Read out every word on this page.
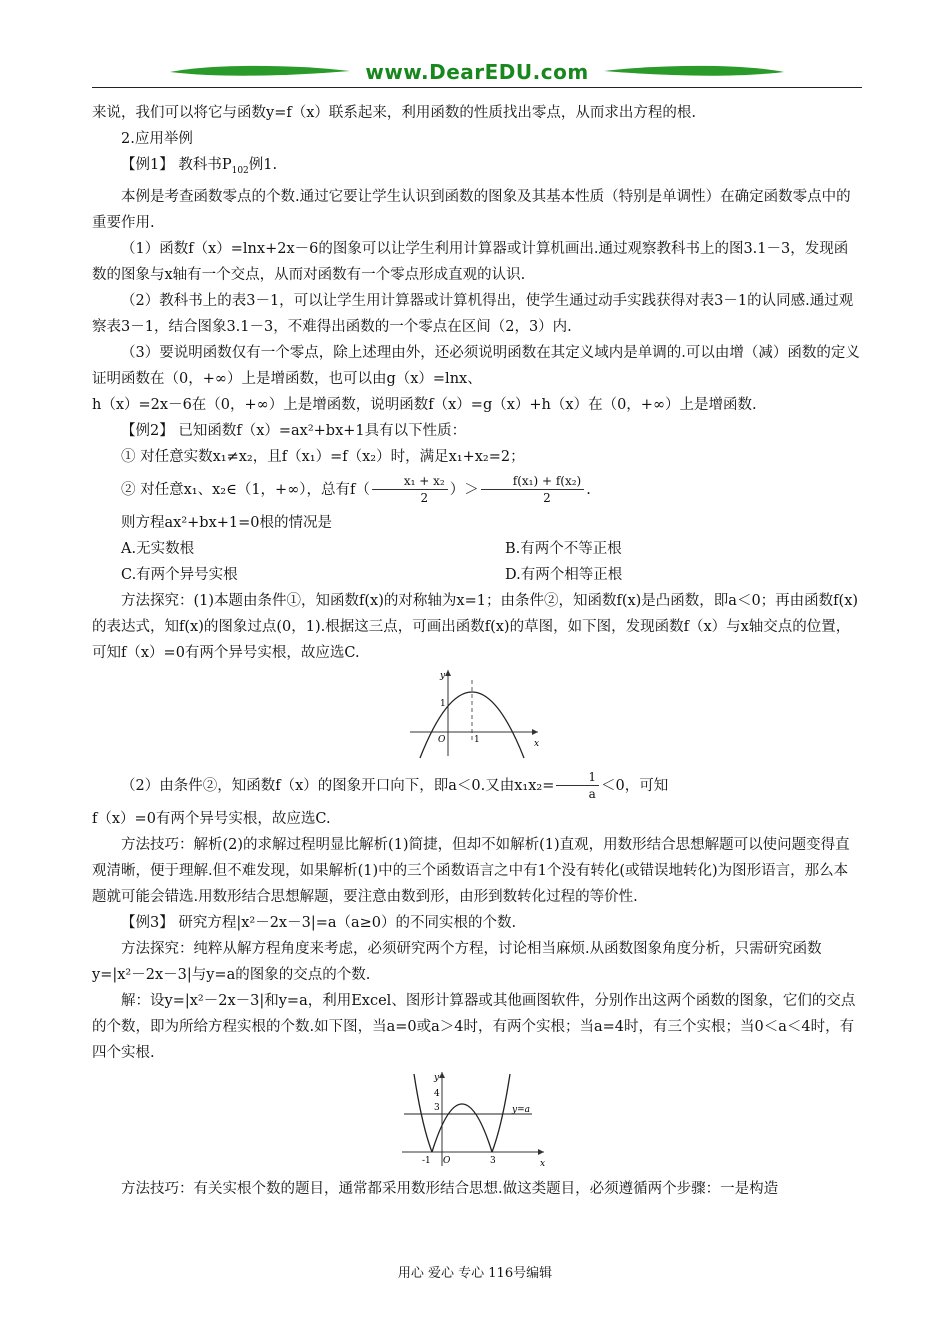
www.DearEDU.com

来说，我们可以将它与函数y=f（x）联系起来，利用函数的性质找出零点，从而求出方程的根.

2.应用举例

【例1】 教科书$P_{102}$例1.

本例是考查函数零点的个数.通过它要让学生认识到函数的图象及其基本性质（特别是单调性）在确定函数零点中的重要作用.

（1）函数f（x）=lnx+2x－6的图象可以让学生利用计算器或计算机画出.通过观察教科书上的图3.1－3，发现函数的图象与x轴有一个交点，从而对函数有一个零点形成直观的认识.

（2）教科书上的表3－1，可以让学生用计算器或计算机得出，使学生通过动手实践获得对表3－1的认同感.通过观察表3－1，结合图象3.1－3，不难得出函数的一个零点在区间（2，3）内.

（3）要说明函数仅有一个零点，除上述理由外，还必须说明函数在其定义域内是单调的.可以由增（减）函数的定义证明函数在（0，+∞）上是增函数，也可以由g（x）=lnx、

h（x）=2x－6在（0，+∞）上是增函数，说明函数f（x）=g（x）+h（x）在（0，+∞）上是增函数.

【例2】 已知函数f（x）=ax²+bx+1具有以下性质：

① 对任意实数x₁≠x₂，且f（x₁）=f（x₂）时，满足x₁+x₂=2；

② 对任意x₁、x₂∈（1，+∞），总有$f( \frac{\text{x₁ + x₂}}{2}$ ）＞ $\frac{\text{f(x₁) + f(x₂)}}{2}$ .

则方程ax²+bx+1=0根的情况是

A.无实数根	B.有两个不等正根
C.有两个异号实根	D.有两个相等正根

方法探究：(1)本题由条件①，知函数f(x)的对称轴为x=1；由条件②，知函数f(x)是凸函数，即a＜0；再由函数f(x)的表达式，知f(x)的图象过点(0，1).根据这三点，可画出函数f(x)的草图，如下图，发现函数f（x）与x轴交点的位置，可知f（x）=0有两个异号实根，故应选C.

y
x
O	1
1

（2）由条件②，知函数f（x）的图象开口向下，即a＜0.又由$x_1x_2= \frac{1}{a} <0$，可知

f（x）=0有两个异号实根，故应选C.

方法技巧：解析(2)的求解过程明显比解析(1)简捷，但却不如解析(1)直观，用数形结合思想解题可以使问题变得直观清晰，便于理解.但不难发现，如果解析(1)中的三个函数语言之中有1个没有转化(或错误地转化)为图形语言，那么本题就可能会错选.用数形结合思想解题，要注意由数到形，由形到数转化过程的等价性.

【例3】 研究方程|x²－2x－3|=a（a≥0）的不同实根的个数.

方法探究：纯粹从解方程角度来考虑，必须研究两个方程，讨论相当麻烦.从函数图象角度分析，只需研究函数y=|x²－2x－3|与y=a的图象的交点的个数.

解：设y=|x²－2x－3|和y=a，利用Excel、图形计算器或其他画图软件，分别作出这两个函数的图象，它们的交点的个数，即为所给方程实根的个数.如下图，当a=0或a＞4时，有两个实根；当a=4时，有三个实根；当0＜a＜4时，有四个实根.

y
x
4
3
-1 O	3
y=a

方法技巧：有关实根个数的题目，通常都采用数形结合思想.做这类题目，必须遵循两个步骤：一是构造

用心 爱心 专心 116号编辑
